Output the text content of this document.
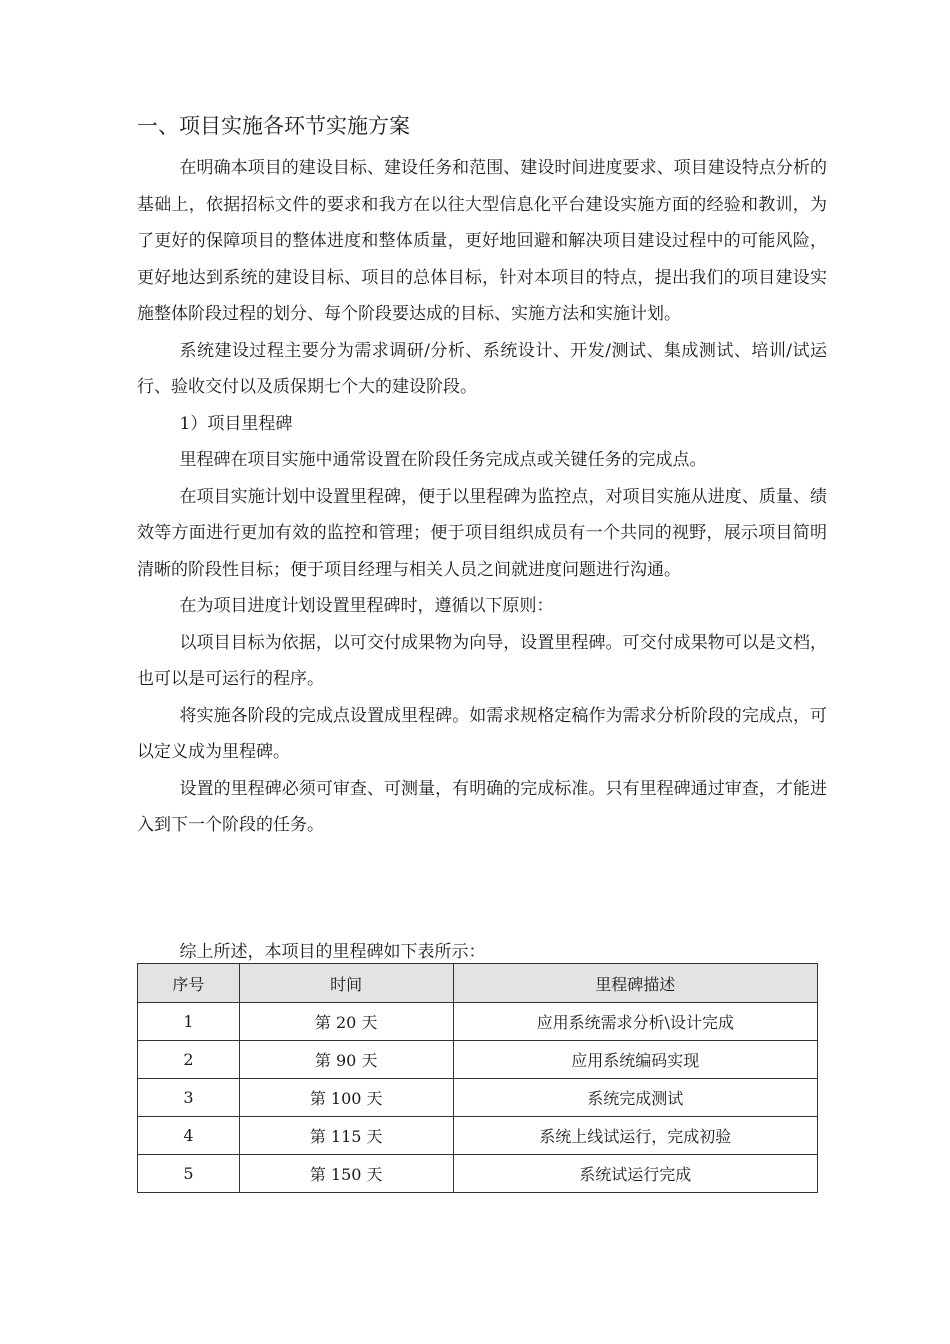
一、项目实施各环节实施方案

在明确本项目的建设目标、建设任务和范围、建设时间进度要求、项目建设特点分析的基础上，依据招标文件的要求和我方在以往大型信息化平台建设实施方面的经验和教训，为了更好的保障项目的整体进度和整体质量，更好地回避和解决项目建设过程中的可能风险，更好地达到系统的建设目标、项目的总体目标，针对本项目的特点，提出我们的项目建设实施整体阶段过程的划分、每个阶段要达成的目标、实施方法和实施计划。

系统建设过程主要分为需求调研/分析、系统设计、开发/测试、集成测试、培训/试运行、验收交付以及质保期七个大的建设阶段。

1）项目里程碑

里程碑在项目实施中通常设置在阶段任务完成点或关键任务的完成点。

在项目实施计划中设置里程碑，便于以里程碑为监控点，对项目实施从进度、质量、绩效等方面进行更加有效的监控和管理；便于项目组织成员有一个共同的视野，展示项目简明清晰的阶段性目标；便于项目经理与相关人员之间就进度问题进行沟通。

在为项目进度计划设置里程碑时，遵循以下原则：

以项目目标为依据，以可交付成果物为向导，设置里程碑。可交付成果物可以是文档，也可以是可运行的程序。

将实施各阶段的完成点设置成里程碑。如需求规格定稿作为需求分析阶段的完成点，可以定义成为里程碑。

设置的里程碑必须可审查、可测量，有明确的完成标准。只有里程碑通过审查，才能进入到下一个阶段的任务。

综上所述，本项目的里程碑如下表所示：

序号	时间	里程碑描述
1	第 20 天	应用系统需求分析\设计完成
2	第 90 天	应用系统编码实现
3	第 100 天	系统完成测试
4	第 115 天	系统上线试运行，完成初验
5	第 150 天	系统试运行完成
